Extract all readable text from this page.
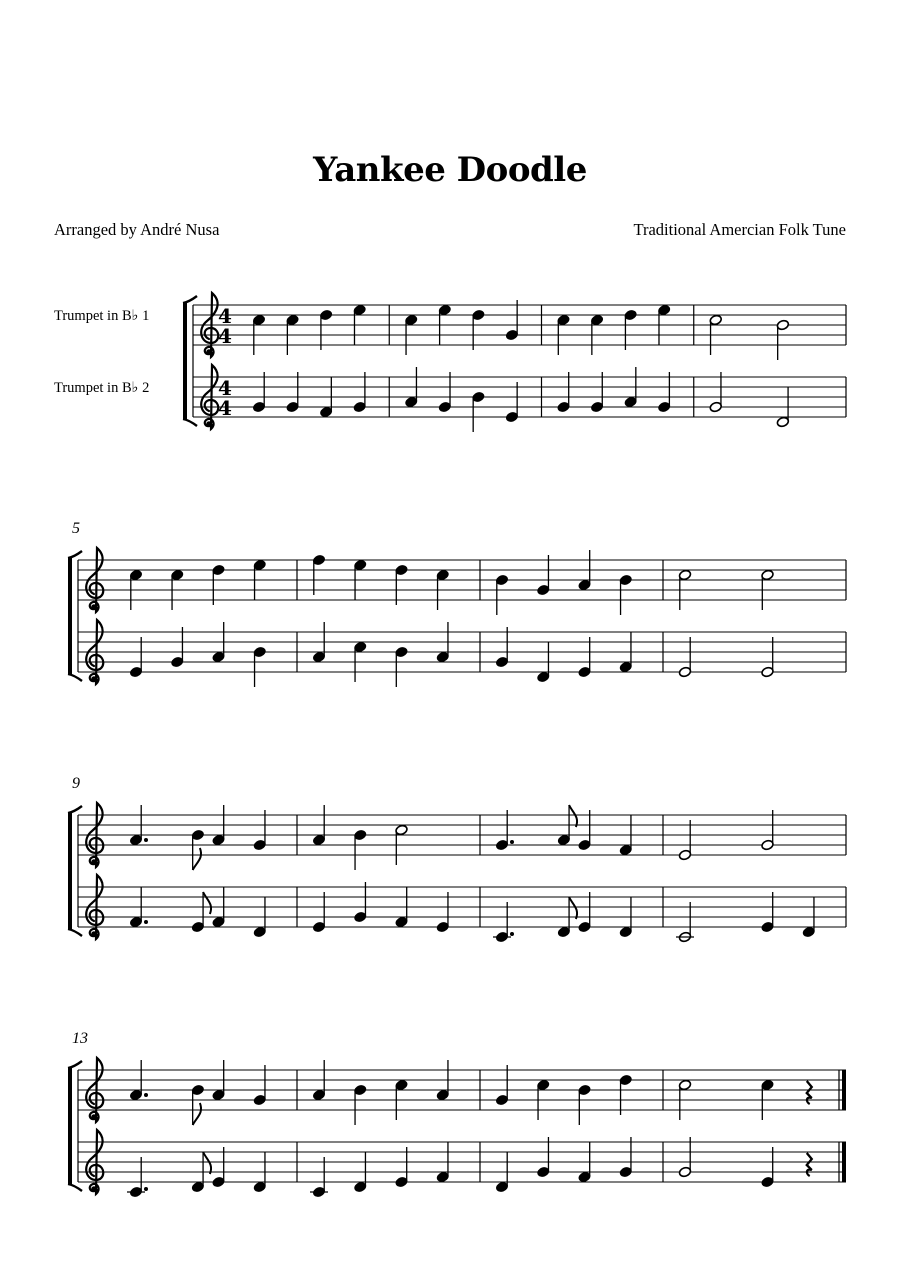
Yankee Doodle
Arranged by André Nusa	Traditional Amercian Folk Tune
Trumpet in B♭ 1
Trumpet in B♭ 2
5
9
13
4
4
4
4
